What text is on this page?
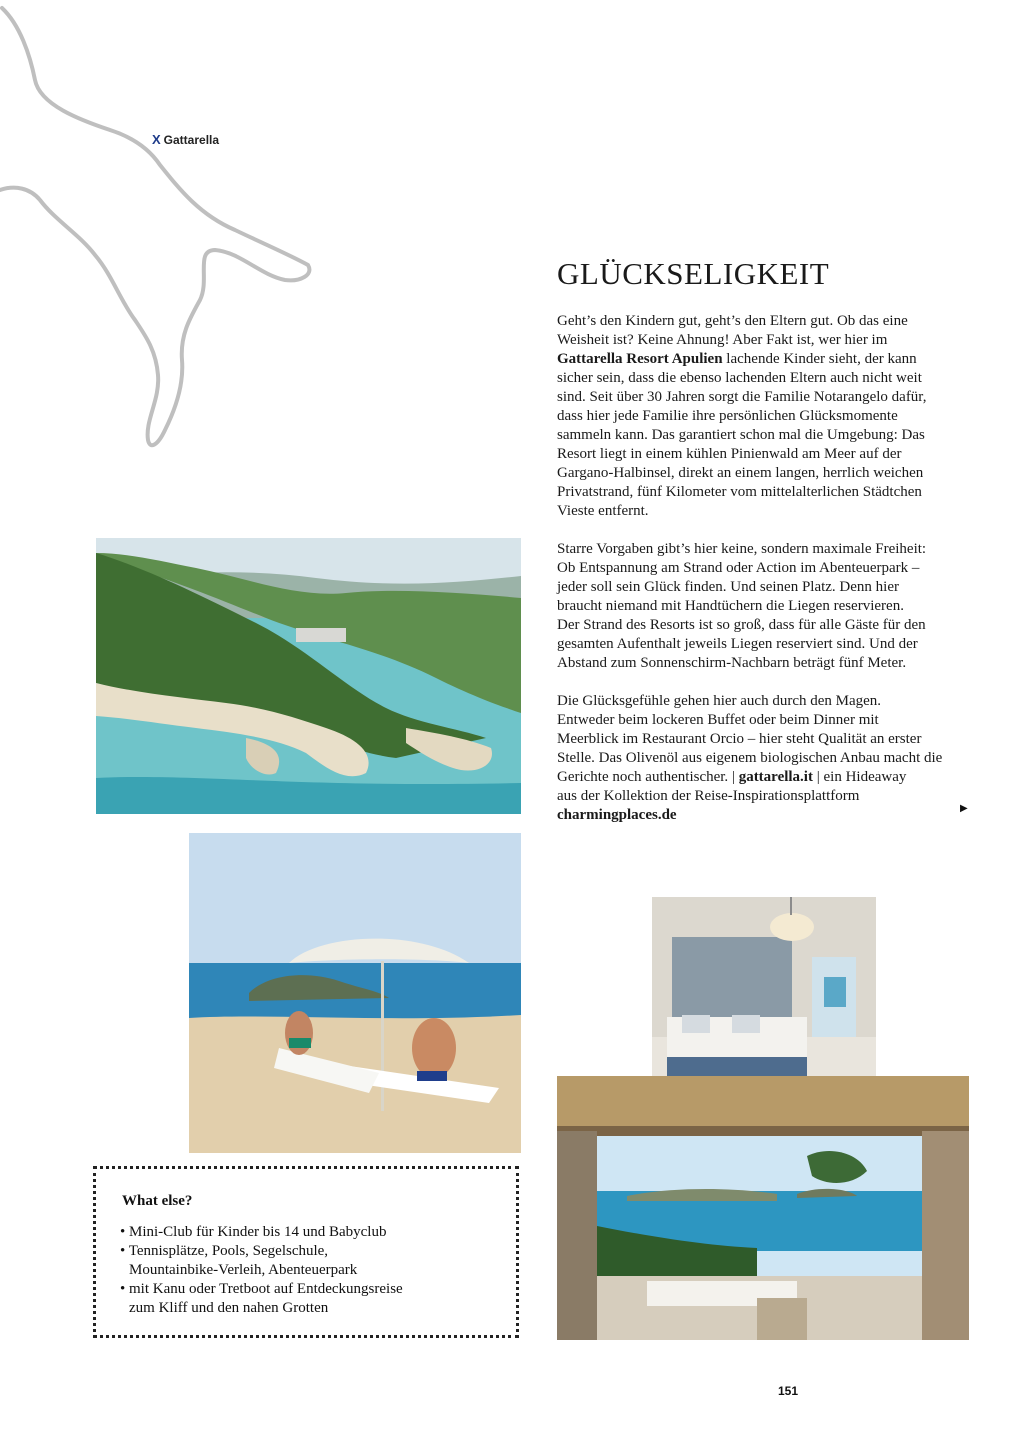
X Gattarella
GLÜCKSELIGKEIT

Geht’s den Kindern gut, geht’s den Eltern gut. Ob das eine
Weisheit ist? Keine Ahnung! Aber Fakt ist, wer hier im
Gattarella Resort Apulien lachende Kinder sieht, der kann
sicher sein, dass die ebenso lachenden Eltern auch nicht weit
sind. Seit über 30 Jahren sorgt die Familie Notarangelo dafür,
dass hier jede Familie ihre persönlichen Glücksmomente
sammeln kann. Das garantiert schon mal die Umgebung: Das
Resort liegt in einem kühlen Pinienwald am Meer auf der
Gargano-Halbinsel, direkt an einem langen, herrlich weichen
Privatstrand, fünf Kilometer vom mittelalterlichen Städtchen
Vieste entfernt.

Starre Vorgaben gibt’s hier keine, sondern maximale Freiheit:
Ob Entspannung am Strand oder Action im Abenteuerpark –
jeder soll sein Glück finden. Und seinen Platz. Denn hier
braucht niemand mit Handtüchern die Liegen reservieren.
Der Strand des Resorts ist so groß, dass für alle Gäste für den
gesamten Aufenthalt jeweils Liegen reserviert sind. Und der
Abstand zum Sonnenschirm-Nachbarn beträgt fünf Meter.

Die Glücksgefühle gehen hier auch durch den Magen.
Entweder beim lockeren Buffet oder beim Dinner mit
Meerblick im Restaurant Orcio – hier steht Qualität an erster
Stelle. Das Olivenöl aus eigenem biologischen Anbau macht die
Gerichte noch authentischer. | gattarella.it | ein Hideaway
aus der Kollektion der Reise-Inspirationsplattform
charmingplaces.de	▶
What else?
• Mini-Club für Kinder bis 14 und Babyclub
• Tennisplätze, Pools, Segelschule,
Mountainbike-Verleih, Abenteuerpark
• mit Kanu oder Tretboot auf Entdeckungsreise
zum Kliff und den nahen Grotten
151
